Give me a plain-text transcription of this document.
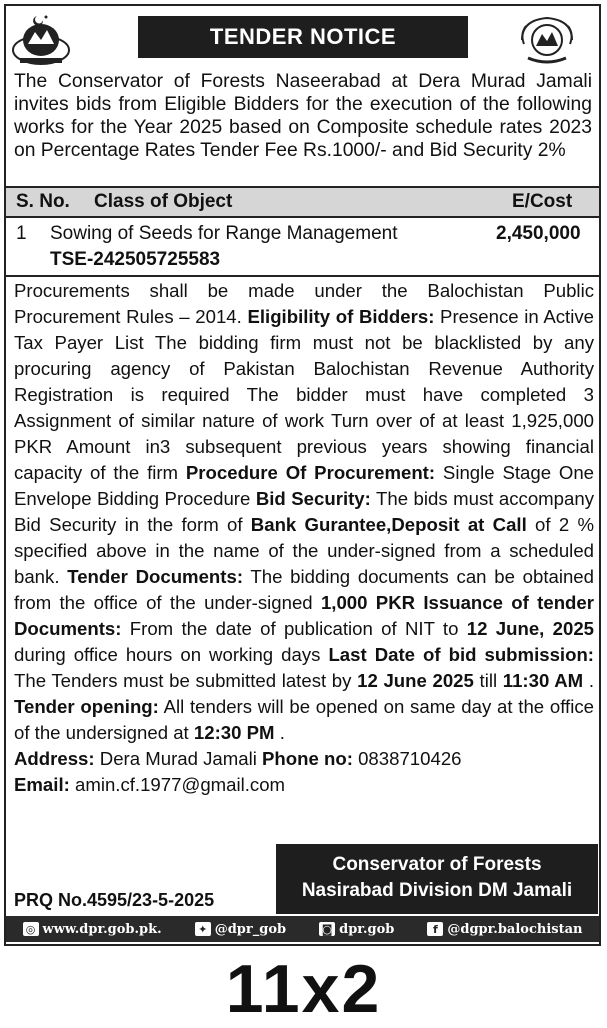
TENDER NOTICE
The Conservator of Forests Naseerabad at Dera Murad Jamali invites bids from Eligible Bidders for the execution of the following works for the Year 2025 based on Composite schedule rates 2023 on Percentage Rates Tender Fee Rs.1000/- and Bid Security 2%
S. No. Class of Object	E/Cost
1 Sowing of Seeds for Range Management	2,450,000
TSE-242505725583
Procurements shall be made under the Balochistan Public Procurement Rules – 2014. Eligibility of Bidders: Presence in Active Tax Payer List The bidding firm must not be blacklisted by any procuring agency of Pakistan Balochistan Revenue Authority Registration is required The bidder must have completed 3 Assignment of similar nature of work Turn over of at least 1,925,000 PKR Amount in3 subsequent previous years showing financial capacity of the firm Procedure Of Procurement: Single Stage One Envelope Bidding Procedure Bid Security: The bids must accompany Bid Security in the form of Bank Gurantee,Deposit at Call of 2 % specified above in the name of the under-signed from a scheduled bank. Tender Documents: The bidding documents can be obtained from the office of the under-signed 1,000 PKR Issuance of tender Documents: From the date of publication of NIT to 12 June, 2025 during office hours on working days Last Date of bid submission: The Tenders must be submitted latest by 12 June 2025 till 11:30 AM . Tender opening: All tenders will be opened on same day at the office of the undersigned at 12:30 PM .
Address: Dera Murad Jamali Phone no: 0838710426
Email: amin.cf.1977@gmail.com
Conservator of Forests
Nasirabad Division DM Jamali
PRQ No.4595/23-5-2025
◎ www.dpr.gob.pk.	✦ @dpr_gob	◙ dpr.gob	f @dgpr.balochistan
11x2
